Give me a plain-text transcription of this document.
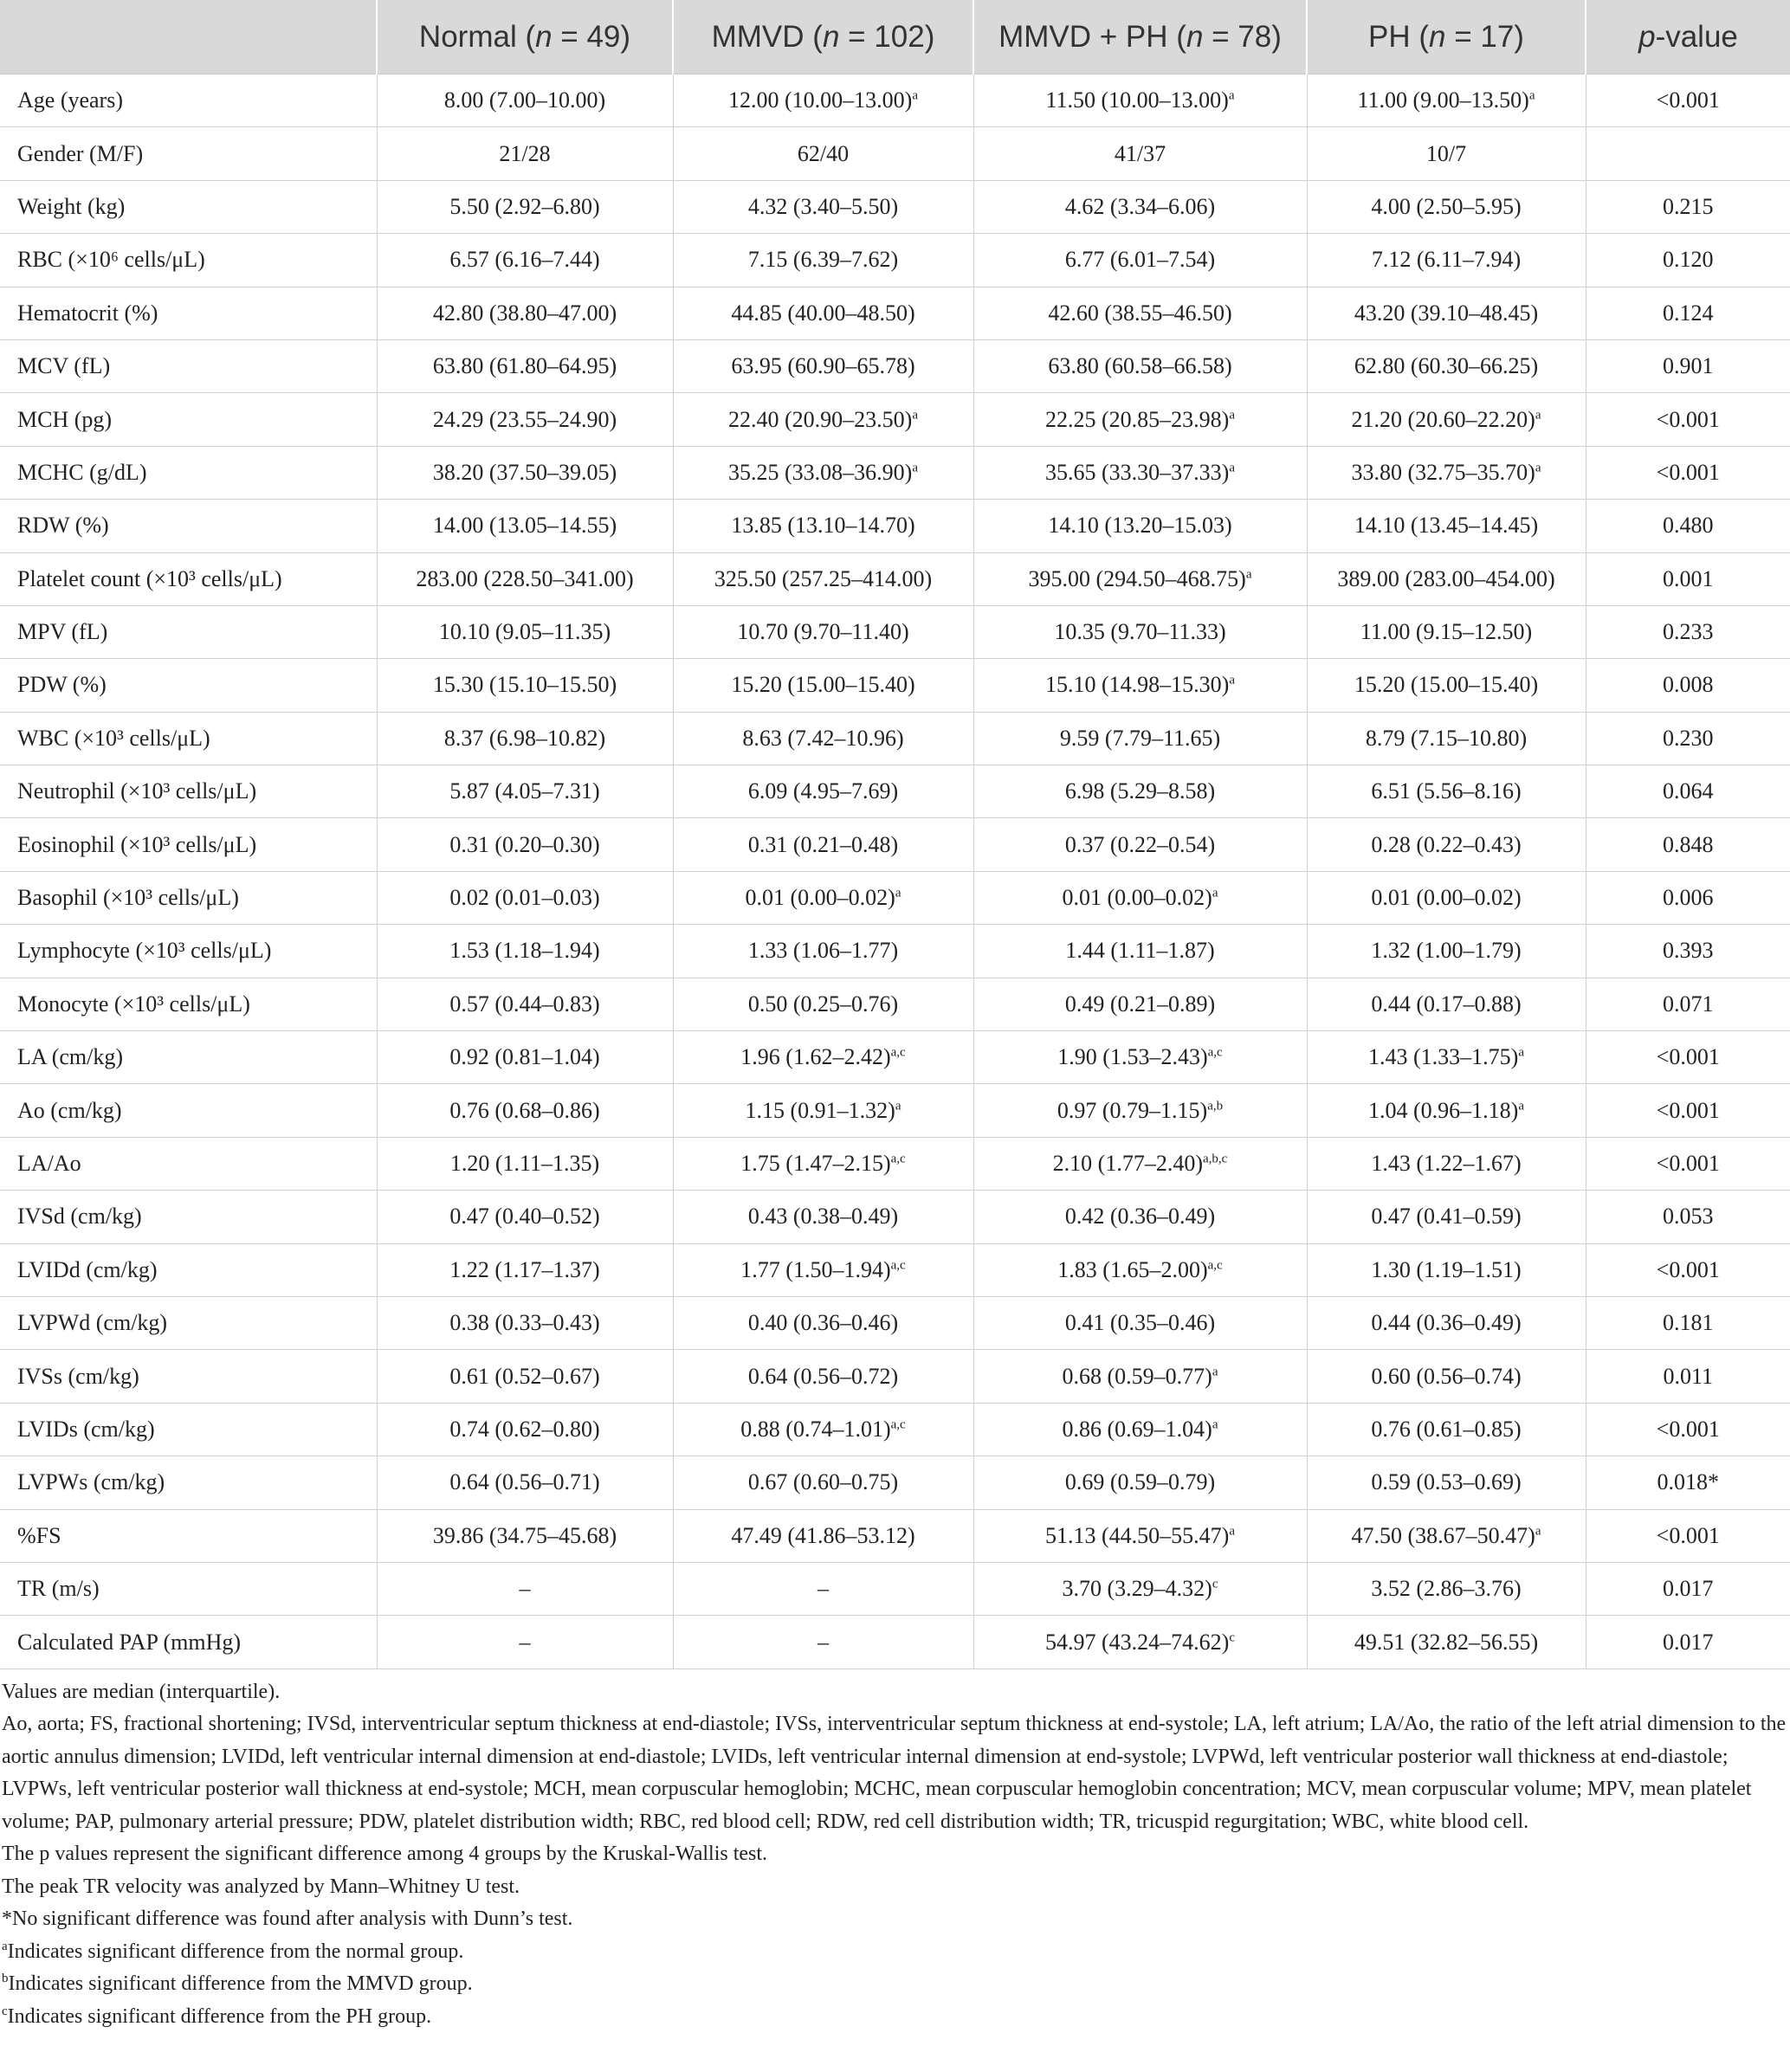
	Normal (n = 49)	MMVD (n = 102)	MMVD + PH (n = 78)	PH (n = 17)	p-value
Age (years)	8.00 (7.00–10.00)	12.00 $(10.00-13.00)^a$	11.50 $(10.00-13.00)^a$	11.00 $(9.00-13.50)^a$	<0.001
Gender (M/F)	21/28	62/40	41/37	10/7	
Weight (kg)	5.50 (2.92–6.80)	4.32 (3.40–5.50)	4.62 (3.34–6.06)	4.00 (2.50–5.95)	0.215
RBC (×10⁶ cells/μL)	6.57 (6.16–7.44)	7.15 (6.39–7.62)	6.77 (6.01–7.54)	7.12 (6.11–7.94)	0.120
Hematocrit (%)	42.80 (38.80–47.00)	44.85 (40.00–48.50)	42.60 (38.55–46.50)	43.20 (39.10–48.45)	0.124
MCV (fL)	63.80 (61.80–64.95)	63.95 (60.90–65.78)	63.80 (60.58–66.58)	62.80 (60.30–66.25)	0.901
MCH (pg)	24.29 (23.55–24.90)	22.40 $(20.90-23.50)^a$	22.25 $(20.85-23.98)^a$	21.20 $(20.60-22.20)^a$	<0.001
MCHC (g/dL)	38.20 (37.50–39.05)	35.25 $(33.08-36.90)^a$	35.65 $(33.30-37.33)^a$	33.80 $(32.75-35.70)^a$	<0.001
RDW (%)	14.00 (13.05–14.55)	13.85 (13.10–14.70)	14.10 (13.20–15.03)	14.10 (13.45–14.45)	0.480
Platelet count (×10³ cells/μL)	283.00 (228.50–341.00)	325.50 (257.25–414.00)	395.00 $(294.50-468.75)^a$	389.00 (283.00–454.00)	0.001
MPV (fL)	10.10 (9.05–11.35)	10.70 (9.70–11.40)	10.35 (9.70–11.33)	11.00 (9.15–12.50)	0.233
PDW (%)	15.30 (15.10–15.50)	15.20 (15.00–15.40)	15.10 $(14.98-15.30)^a$	15.20 (15.00–15.40)	0.008
WBC (×10³ cells/μL)	8.37 (6.98–10.82)	8.63 (7.42–10.96)	9.59 (7.79–11.65)	8.79 (7.15–10.80)	0.230
Neutrophil (×10³ cells/μL)	5.87 (4.05–7.31)	6.09 (4.95–7.69)	6.98 (5.29–8.58)	6.51 (5.56–8.16)	0.064
Eosinophil (×10³ cells/μL)	0.31 (0.20–0.30)	0.31 (0.21–0.48)	0.37 (0.22–0.54)	0.28 (0.22–0.43)	0.848
Basophil (×10³ cells/μL)	0.02 (0.01–0.03)	0.01 $(0.00-0.02)^a$	0.01 $(0.00-0.02)^a$	0.01 (0.00–0.02)	0.006
Lymphocyte (×10³ cells/μL)	1.53 (1.18–1.94)	1.33 (1.06–1.77)	1.44 (1.11–1.87)	1.32 (1.00–1.79)	0.393
Monocyte (×10³ cells/μL)	0.57 (0.44–0.83)	0.50 (0.25–0.76)	0.49 (0.21–0.89)	0.44 (0.17–0.88)	0.071
LA (cm/kg)	0.92 (0.81–1.04)	1.96 $(1.62-2.42)^{a,c}$	1.90 $(1.53-2.43)^{a,c}$	1.43 $(1.33-1.75)^a$	<0.001
Ao (cm/kg)	0.76 (0.68–0.86)	1.15 $(0.91-1.32)^a$	0.97 $(0.79-1.15)^{a,b}$	1.04 $(0.96-1.18)^a$	<0.001
LA/Ao	1.20 (1.11–1.35)	1.75 $(1.47-2.15)^{a,c}$	2.10 $(1.77-2.40)^{a,b,c}$	1.43 (1.22–1.67)	<0.001
IVSd (cm/kg)	0.47 (0.40–0.52)	0.43 (0.38–0.49)	0.42 (0.36–0.49)	0.47 (0.41–0.59)	0.053
LVIDd (cm/kg)	1.22 (1.17–1.37)	1.77 $(1.50-1.94)^{a,c}$	1.83 $(1.65-2.00)^{a,c}$	1.30 (1.19–1.51)	<0.001
LVPWd (cm/kg)	0.38 (0.33–0.43)	0.40 (0.36–0.46)	0.41 (0.35–0.46)	0.44 (0.36–0.49)	0.181
IVSs (cm/kg)	0.61 (0.52–0.67)	0.64 (0.56–0.72)	0.68 $(0.59-0.77)^a$	0.60 (0.56–0.74)	0.011
LVIDs (cm/kg)	0.74 (0.62–0.80)	0.88 $(0.74-1.01)^{a,c}$	0.86 $(0.69-1.04)^a$	0.76 (0.61–0.85)	<0.001
LVPWs (cm/kg)	0.64 (0.56–0.71)	0.67 (0.60–0.75)	0.69 (0.59–0.79)	0.59 (0.53–0.69)	0.018*
%FS	39.86 (34.75–45.68)	47.49 (41.86–53.12)	51.13 $(44.50-55.47)^a$	47.50 $(38.67-50.47)^a$	<0.001
TR (m/s)	–	–	3.70 $(3.29-4.32)^c$	3.52 (2.86–3.76)	0.017
Calculated PAP (mmHg)	–	–	54.97 $(43.24-74.62)^c$	49.51 (32.82–56.55)	0.017
Values are median (interquartile).
Ao, aorta; FS, fractional shortening; IVSd, interventricular septum thickness at end-diastole; IVSs, interventricular septum thickness at end-systole; LA, left atrium; LA/Ao, the ratio of the left atrial dimension to the aortic annulus dimension; LVIDd, left ventricular internal dimension at end-diastole; LVIDs, left ventricular internal dimension at end-systole; LVPWd, left ventricular posterior wall thickness at end-diastole; LVPWs, left ventricular posterior wall thickness at end-systole; MCH, mean corpuscular hemoglobin; MCHC, mean corpuscular hemoglobin concentration; MCV, mean corpuscular volume; MPV, mean platelet volume; PAP, pulmonary arterial pressure; PDW, platelet distribution width; RBC, red blood cell; RDW, red cell distribution width; TR, tricuspid regurgitation; WBC, white blood cell.
The p values represent the significant difference among 4 groups by the Kruskal-Wallis test.
The peak TR velocity was analyzed by Mann–Whitney U test.
*No significant difference was found after analysis with Dunn’s test.
$^a$Indicates significant difference from the normal group.
$^b$Indicates significant difference from the MMVD group.
$^c$Indicates significant difference from the PH group.
